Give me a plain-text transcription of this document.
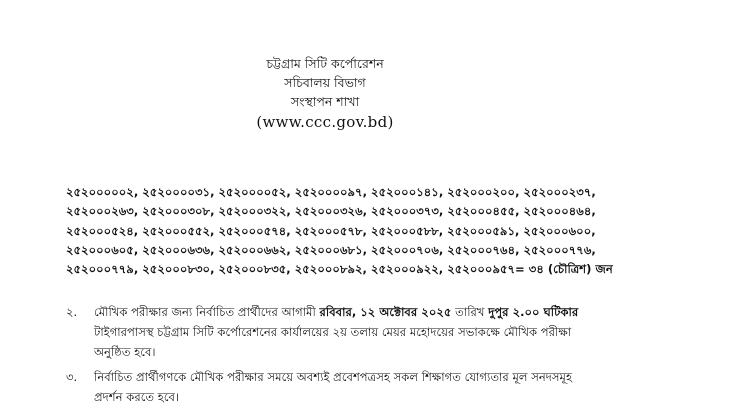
চট্টগ্রাম সিটি কর্পোরেশন
সচিবালয় বিভাগ
সংস্থাপন শাখা
(www.ccc.gov.bd)
২৫২০০০০০২, ২৫২০০০০৩১, ২৫২০০০০৫২, ২৫২০০০০৯৭, ২৫২০০০১৪১, ২৫২০০০২০০, ২৫২০০০২৩৭,
২৫২০০০২৬৩, ২৫২০০০৩০৮, ২৫২০০০৩২২, ২৫২০০০৩২৬, ২৫২০০০৩৭৩, ২৫২০০০৪৫৫, ২৫২০০০৪৬৪,
২৫২০০০৫২৪, ২৫২০০০৫৫২, ২৫২০০০৫৭৪, ২৫২০০০৫৭৮, ২৫২০০০৫৮৮, ২৫২০০০৫৯১, ২৫২০০০৬০০,
২৫২০০০৬০৫, ২৫২০০০৬৩৬, ২৫২০০০৬৬২, ২৫২০০০৬৮১, ২৫২০০০৭০৬, ২৫২০০০৭৬৪, ২৫২০০০৭৭৬,
২৫২০০০৭৭৯, ২৫২০০০৮৩০, ২৫২০০০৮৩৫, ২৫২০০০৮৯২, ২৫২০০০৯২২, ২৫২০০০৯৫৭= ৩৪ (চৌত্রিশ) জন
২.	মৌখিক পরীক্ষার জন্য নির্বাচিত প্রার্থীদের আগামী রবিবার, ১২ অক্টোবর ২০২৫ তারিখ দুপুর ২.০০ ঘটিকার
টাইগারপাসস্থ চট্টগ্রাম সিটি কর্পোরেশনের কার্যালয়ের ২য় তলায় মেয়র মহোদয়ের সভাকক্ষে মৌখিক পরীক্ষা
অনুষ্ঠিত হবে।
৩.	নির্বাচিত প্রার্থীগণকে মৌখিক পরীক্ষার সময়ে অবশ্যই প্রবেশপত্রসহ সকল শিক্ষাগত যোগ্যতার মূল সনদসমূহ
প্রদর্শন করতে হবে।
